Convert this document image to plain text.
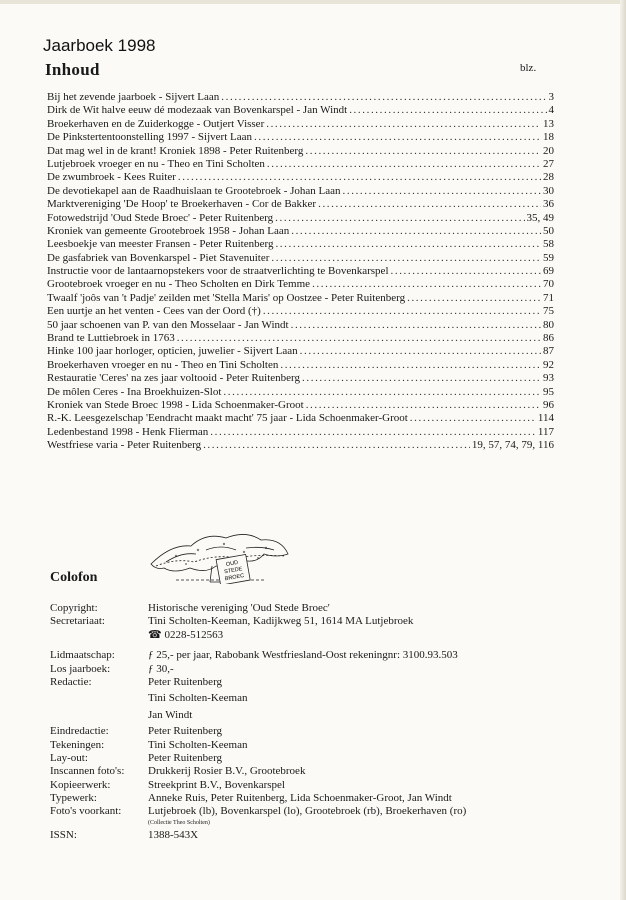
Jaarboek 1998
Inhoud	blz.
Bij het zevende jaarboek - Sijvert Laan .....	3
Dirk de Wit halve eeuw dé modezaak van Bovenkarspel - Jan Windt .....	4
Broekerhaven en de Zuiderkogge - Outjert Visser .....	13
De Pinkstertentoonstelling 1997 - Sijvert Laan .....	18
Dat mag wel in de krant! Kroniek 1898 - Peter Ruitenberg .....	20
Lutjebroek vroeger en nu - Theo en Tini Scholten .....	27
De zwumbroek - Kees Ruiter .....	28
De devotiekapel aan de Raadhuislaan te Grootebroek - Johan Laan .....	30
Marktvereniging 'De Hoop' te Broekerhaven - Cor de Bakker .....	36
Fotowedstrijd 'Oud Stede Broec' - Peter Ruitenberg .....	35, 49
Kroniek van gemeente Grootebroek 1958 - Johan Laan .....	50
Leesboekje van meester Fransen - Peter Ruitenberg .....	58
De gasfabriek van Bovenkarspel - Piet Stavenuiter .....	59
Instructie voor de lantaarnopstekers voor de straatverlichting te Bovenkarspel .....	69
Grootebroek vroeger en nu - Theo Scholten en Dirk Temme .....	70
Twaalf 'joôs van 't Padje' zeilden met 'Stella Maris' op Oostzee - Peter Ruitenberg .....	71
Een uurtje an het venten - Cees van der Oord (†) .....	75
50 jaar schoenen van P. van den Mosselaar - Jan Windt .....	80
Brand te Luttiebroek in 1763 .....	86
Hinke 100 jaar horloger, opticien, juwelier - Sijvert Laan .....	87
Broekerhaven vroeger en nu - Theo en Tini Scholten .....	92
Restauratie 'Ceres' na zes jaar voltooid - Peter Ruitenberg .....	93
De môlen Ceres - Ina Broekhuizen-Slot .....	95
Kroniek van Stede Broec 1998 - Lida Schoenmaker-Groot .....	96
R.-K. Leesgezelschap 'Eendracht maakt macht' 75 jaar - Lida Schoenmaker-Groot .....	114
Ledenbestand 1998 - Henk Flierman .....	117
Westfriese varia - Peter Ruitenberg .....	19, 57, 74, 79, 116
OUD
STEDE
BROEC
Colofon
Copyright:	Historische vereniging 'Oud Stede Broec'
Secretariaat:	Tini Scholten-Keeman, Kadijkweg 51, 1614 MA Lutjebroek
☎ 0228-512563
Lidmaatschap:	ƒ 25,- per jaar, Rabobank Westfriesland-Oost rekeningnr: 3100.93.503
Los jaarboek:	ƒ 30,-
Redactie:	Peter Ruitenberg
Tini Scholten-Keeman
Jan Windt
Eindredactie:	Peter Ruitenberg
Tekeningen:	Tini Scholten-Keeman
Lay-out:	Peter Ruitenberg
Inscannen foto's:	Drukkerij Rosier B.V., Grootebroek
Kopieerwerk:	Streekprint B.V., Bovenkarspel
Typewerk:	Anneke Ruis, Peter Ruitenberg, Lida Schoenmaker-Groot, Jan Windt
Foto's voorkant:	Lutjebroek (lb), Bovenkarspel (lo), Grootebroek (rb), Broekerhaven (ro)
(Collectie Theo Scholten)
ISSN:	1388-543X
